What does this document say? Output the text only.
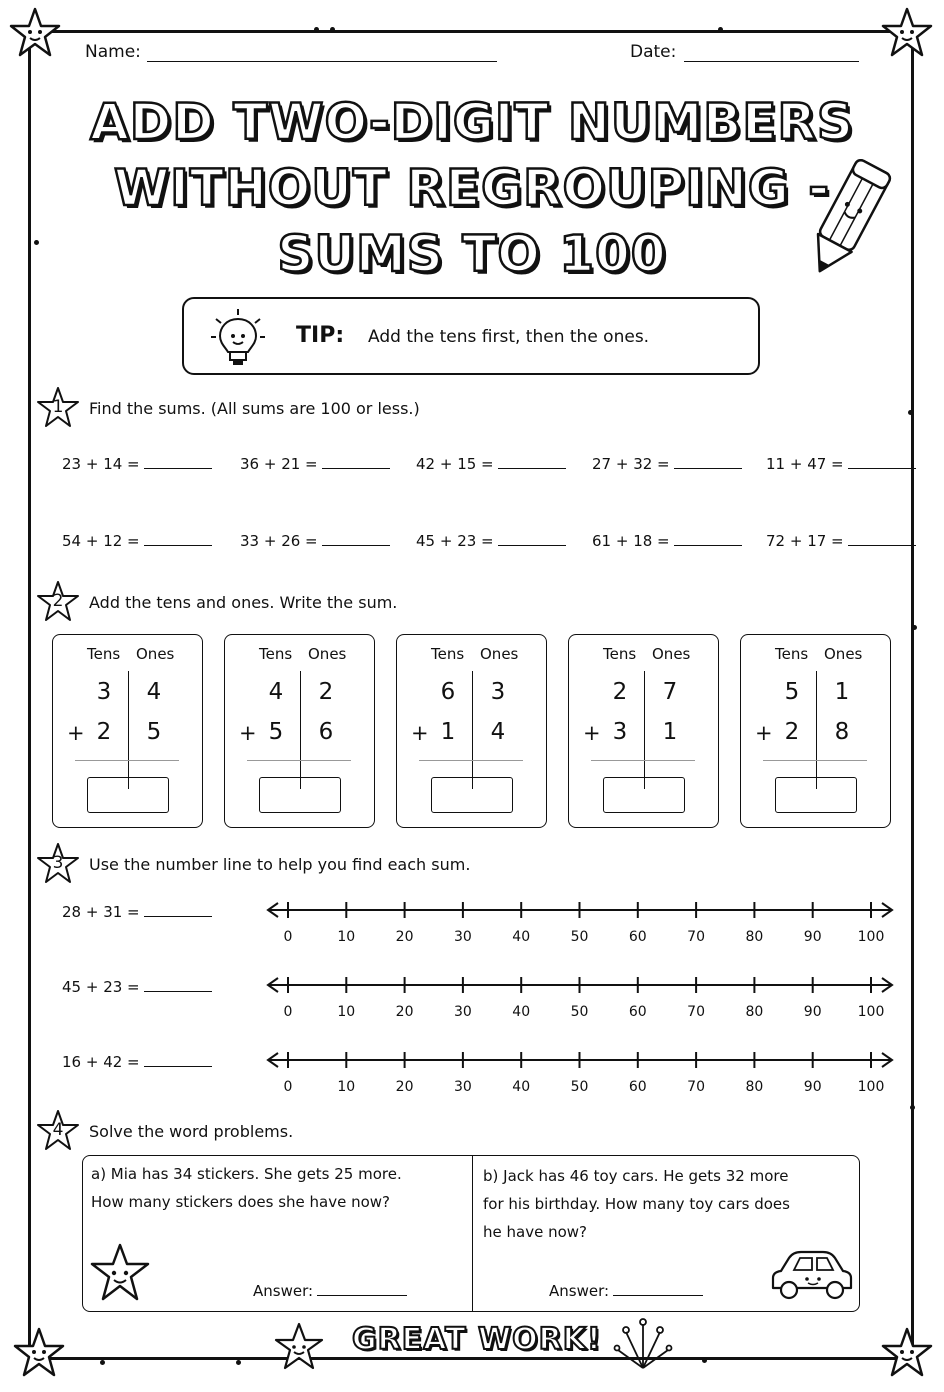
Name:	Date:
ADD TWO-DIGIT NUMBERS
WITHOUT REGROUPING -
SUMS TO 100
TIP: Add the tens first, then the ones.
1	Find the sums. (All sums are 100 or less.)
23 + 14 =	36 + 21 =	42 + 15 =	27 + 32 =	11 + 47 =
54 + 12 =	33 + 26 =	45 + 23 =	61 + 18 =	72 + 17 =
2	Add the tens and ones. Write the sum.
Tens Ones
3 4
+ 2 5
Tens Ones
4 2
+ 5 6
Tens Ones
6 3
+ 1 4
Tens Ones
2 7
+ 3 1
Tens Ones
5 1
+ 2 8
3	Use the number line to help you find each sum.
28 + 31 =
45 + 23 =
16 + 42 =
0	10	20	30	40	50	60	70	80	90	100
0	10	20	30	40	50	60	70	80	90	100
0	10	20	30	40	50	60	70	80	90	100
4	Solve the word problems.
a) Mia has 34 stickers. She gets 25 more.
How many stickers does she have now?
b) Jack has 46 toy cars. He gets 32 more
for his birthday. How many toy cars does
he have now?
Answer:	Answer:
GREAT WORK!
